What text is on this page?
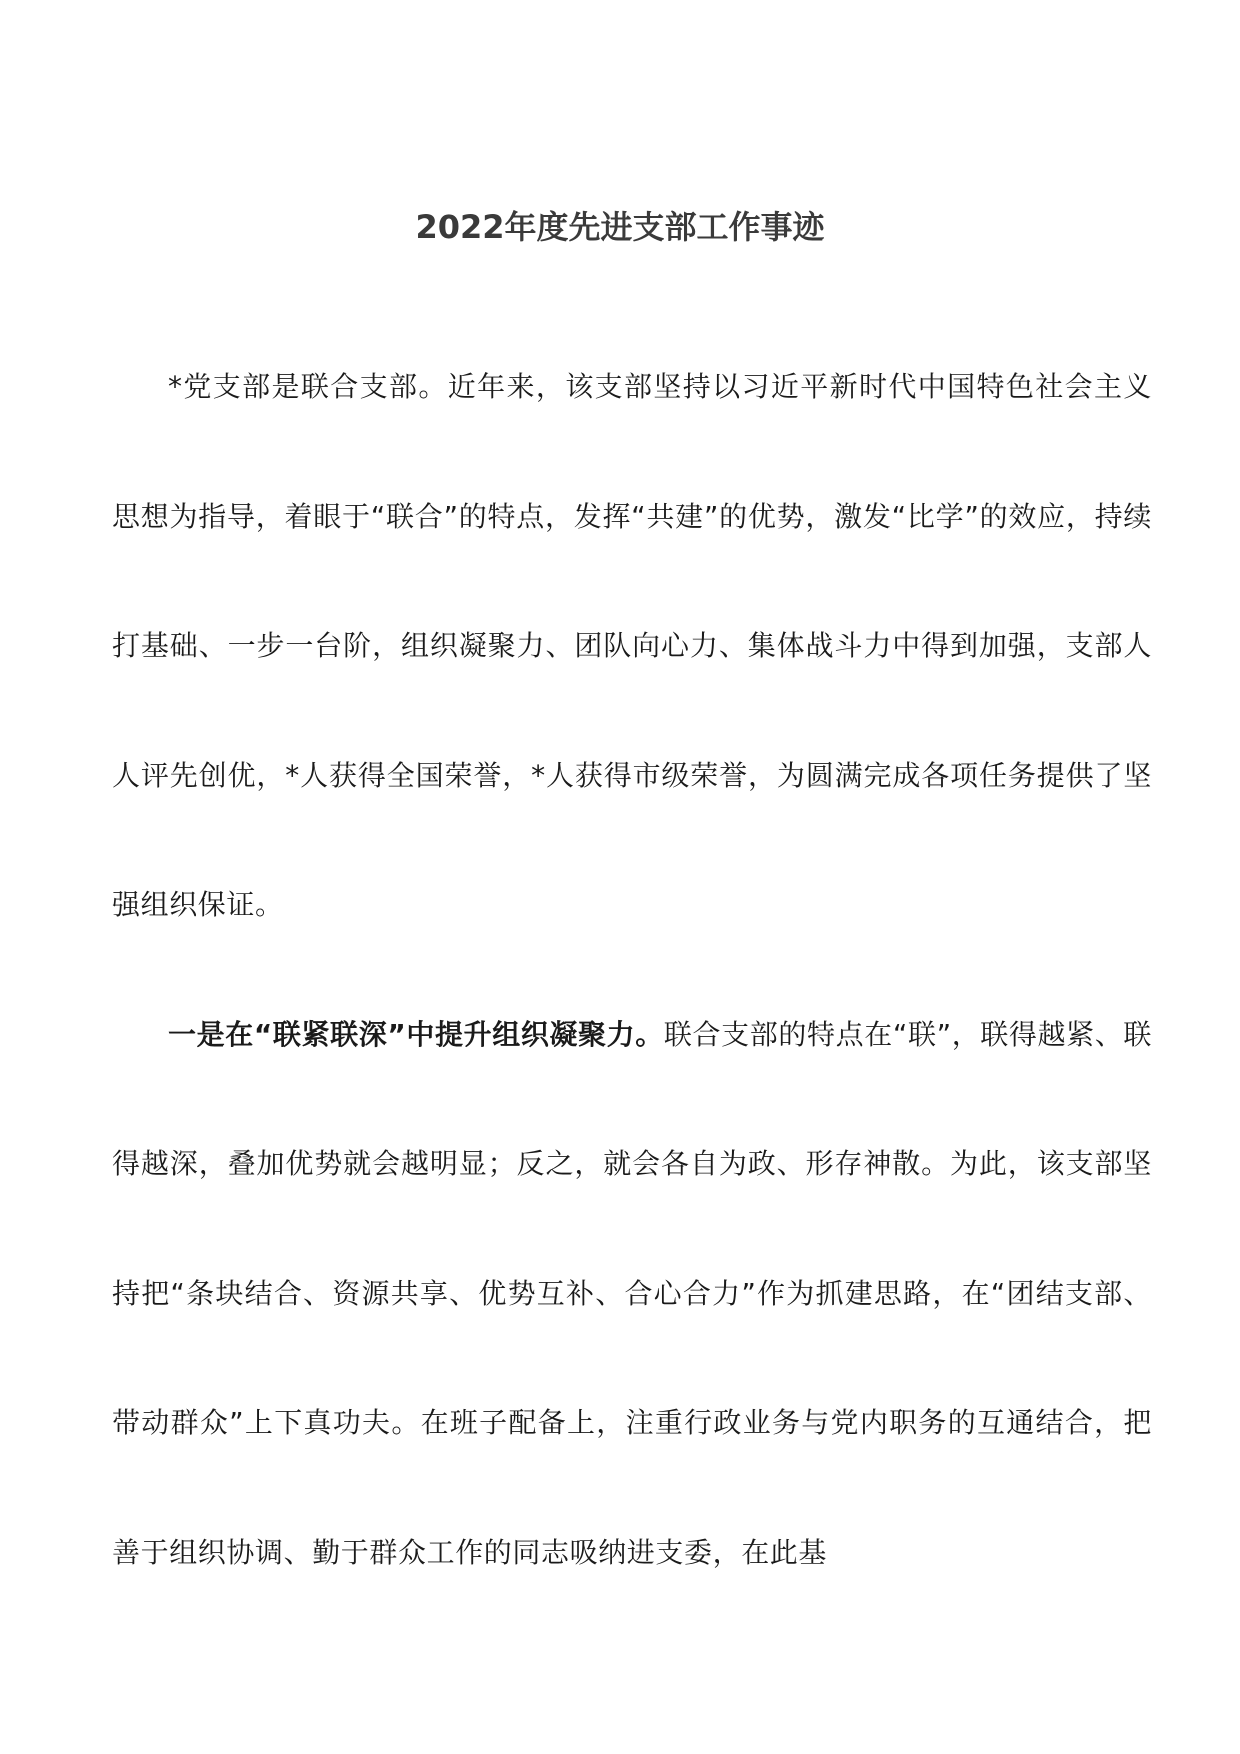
2022年度先进支部工作事迹

*党支部是联合支部。近年来，该支部坚持以习近平新时代中国特色社会主义思想为指导，着眼于“联合”的特点，发挥“共建”的优势，激发“比学”的效应，持续打基础、一步一台阶，组织凝聚力、团队向心力、集体战斗力中得到加强，支部人人评先创优，*人获得全国荣誉，*人获得市级荣誉，为圆满完成各项任务提供了坚强组织保证。

一是在“联紧联深”中提升组织凝聚力。联合支部的特点在“联”，联得越紧、联得越深，叠加优势就会越明显；反之，就会各自为政、形存神散。为此，该支部坚持把“条块结合、资源共享、优势互补、合心合力”作为抓建思路，在“团结支部、带动群众”上下真功夫。在班子配备上，注重行政业务与党内职务的互通结合，把善于组织协调、勤于群众工作的同志吸纳进支委，在此基
